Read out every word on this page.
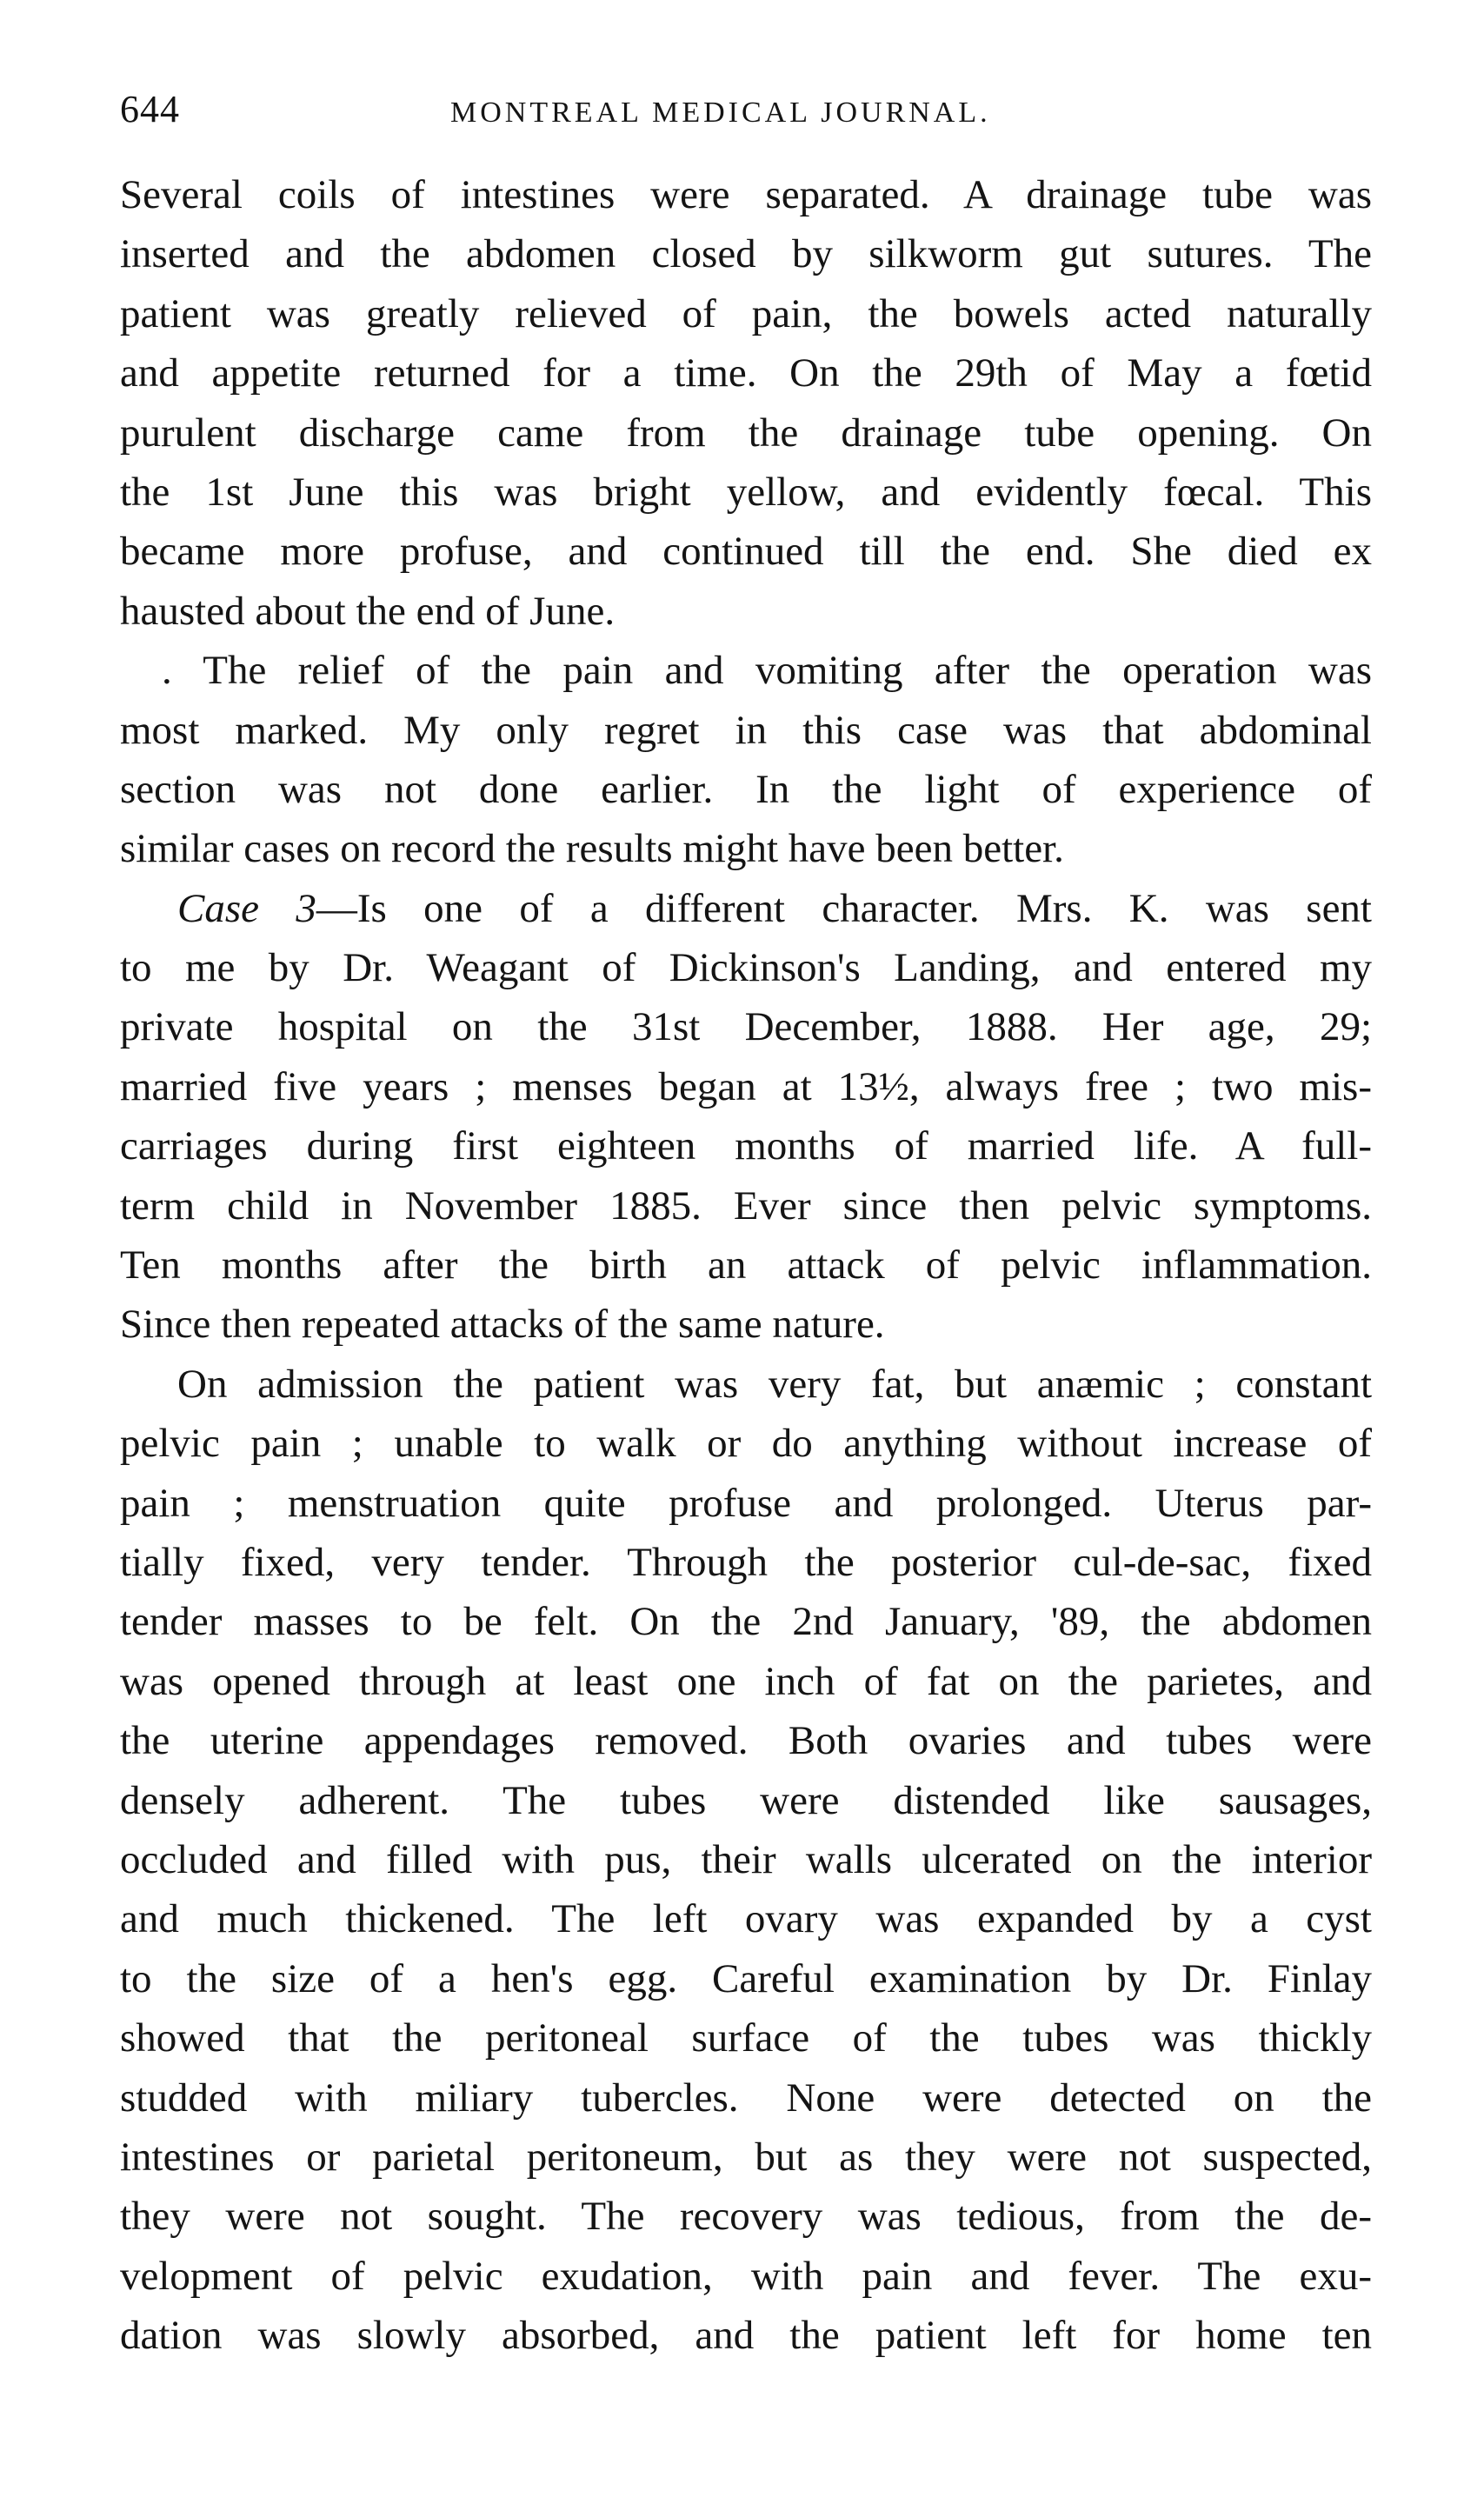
644	MONTREAL MEDICAL JOURNAL.
Several coils of intestines were separated. A drainage tube was
inserted and the abdomen closed by silkworm gut sutures. The
patient was greatly relieved of pain, the bowels acted naturally
and appetite returned for a time. On the 29th of May a fœtid
purulent discharge came from the drainage tube opening. On
the 1st June this was bright yellow, and evidently fœcal. This
became more profuse, and continued till the end. She died ex
hausted about the end of June.
. The relief of the pain and vomiting after the operation was
most marked. My only regret in this case was that abdominal
section was not done earlier. In the light of experience of
similar cases on record the results might have been better.
Case 3—Is one of a different character. Mrs. K. was sent
to me by Dr. Weagant of Dickinson's Landing, and entered my
private hospital on the 31st December, 1888. Her age, 29;
married five years ; menses began at 13½, always free ; two mis-
carriages during first eighteen months of married life. A full-
term child in November 1885. Ever since then pelvic symptoms.
Ten months after the birth an attack of pelvic inflammation.
Since then repeated attacks of the same nature.
On admission the patient was very fat, but anæmic ; constant
pelvic pain ; unable to walk or do anything without increase of
pain ; menstruation quite profuse and prolonged. Uterus par-
tially fixed, very tender. Through the posterior cul-de-sac, fixed
tender masses to be felt. On the 2nd January, '89, the abdomen
was opened through at least one inch of fat on the parietes, and
the uterine appendages removed. Both ovaries and tubes were
densely adherent. The tubes were distended like sausages,
occluded and filled with pus, their walls ulcerated on the interior
and much thickened. The left ovary was expanded by a cyst
to the size of a hen's egg. Careful examination by Dr. Finlay
showed that the peritoneal surface of the tubes was thickly
studded with miliary tubercles. None were detected on the
intestines or parietal peritoneum, but as they were not suspected,
they were not sought. The recovery was tedious, from the de-
velopment of pelvic exudation, with pain and fever. The exu-
dation was slowly absorbed, and the patient left for home ten
